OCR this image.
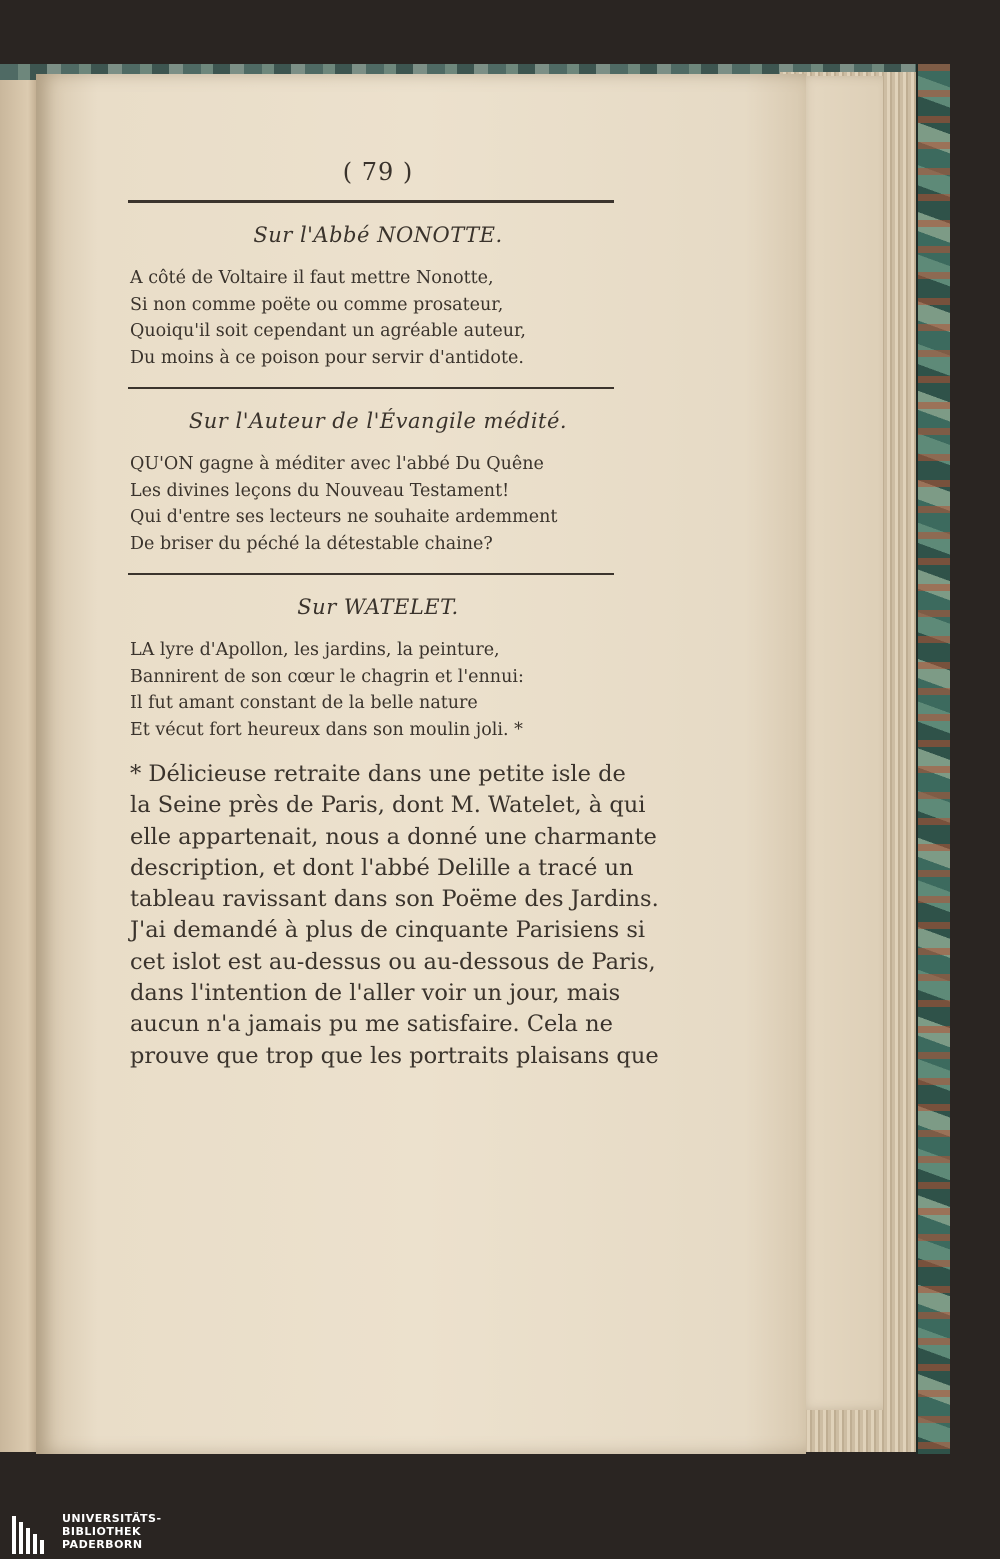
( 79 )
Sur l'Abbé NONOTTE.
A côté de Voltaire il faut mettre Nonotte,
Si non comme poëte ou comme prosateur,
Quoiqu'il soit cependant un agréable auteur,
Du moins à ce poison pour servir d'antidote.
Sur l'Auteur de l'Évangile médité.
QU'ON gagne à méditer avec l'abbé Du Quêne
Les divines leçons du Nouveau Testament!
Qui d'entre ses lecteurs ne souhaite ardemment
De briser du péché la détestable chaine?
Sur WATELET.
LA lyre d'Apollon, les jardins, la peinture,
Bannirent de son cœur le chagrin et l'ennui:
Il fut amant constant de la belle nature
Et vécut fort heureux dans son moulin joli. *

* Délicieuse retraite dans une petite isle de

la Seine près de Paris, dont M. Watelet, à qui

elle appartenait, nous a donné une charmante

description, et dont l'abbé Delille a tracé un

tableau ravissant dans son Poëme des Jardins.

J'ai demandé à plus de cinquante Parisiens si

cet islot est au-dessus ou au-dessous de Paris,

dans l'intention de l'aller voir un jour, mais

aucun n'a jamais pu me satisfaire. Cela ne

prouve que trop que les portraits plaisans que

UNIVERSITÄTS-
BIBLIOTHEK
PADERBORN
